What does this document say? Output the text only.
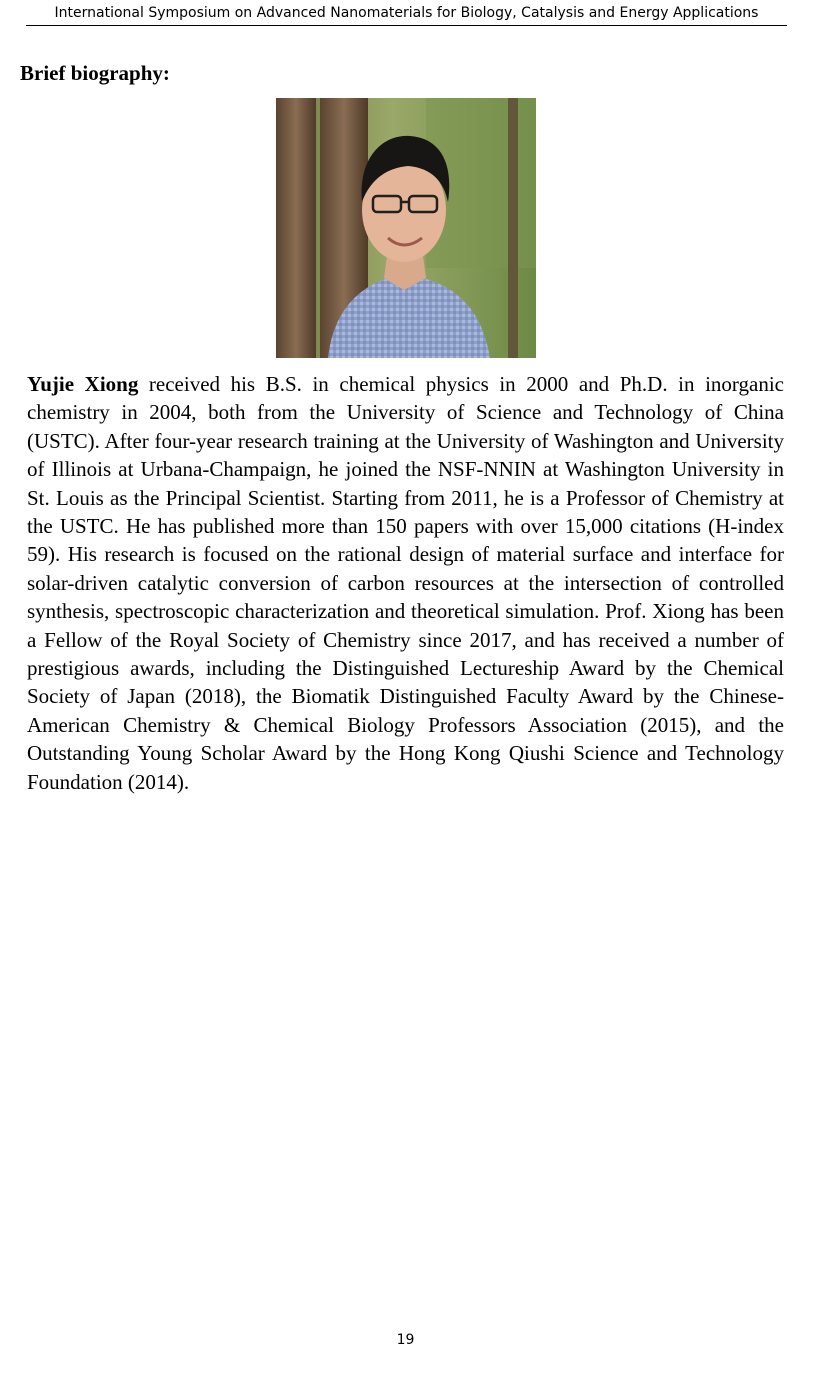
International Symposium on Advanced Nanomaterials for Biology, Catalysis and Energy Applications
Brief biography:

Yujie Xiong received his B.S. in chemical physics in 2000 and Ph.D. in inorganic chemistry in 2004, both from the University of Science and Technology of China (USTC). After four-year research training at the University of Washington and University of Illinois at Urbana-Champaign, he joined the NSF-NNIN at Washington University in St. Louis as the Principal Scientist. Starting from 2011, he is a Professor of Chemistry at the USTC. He has published more than 150 papers with over 15,000 citations (H-index 59). His research is focused on the rational design of material surface and interface for solar-driven catalytic conversion of carbon resources at the intersection of controlled synthesis, spectroscopic characterization and theoretical simulation. Prof. Xiong has been a Fellow of the Royal Society of Chemistry since 2017, and has received a number of prestigious awards, including the Distinguished Lectureship Award by the Chemical Society of Japan (2018), the Biomatik Distinguished Faculty Award by the Chinese-American Chemistry & Chemical Biology Professors Association (2015), and the Outstanding Young Scholar Award by the Hong Kong Qiushi Science and Technology Foundation (2014).

19
